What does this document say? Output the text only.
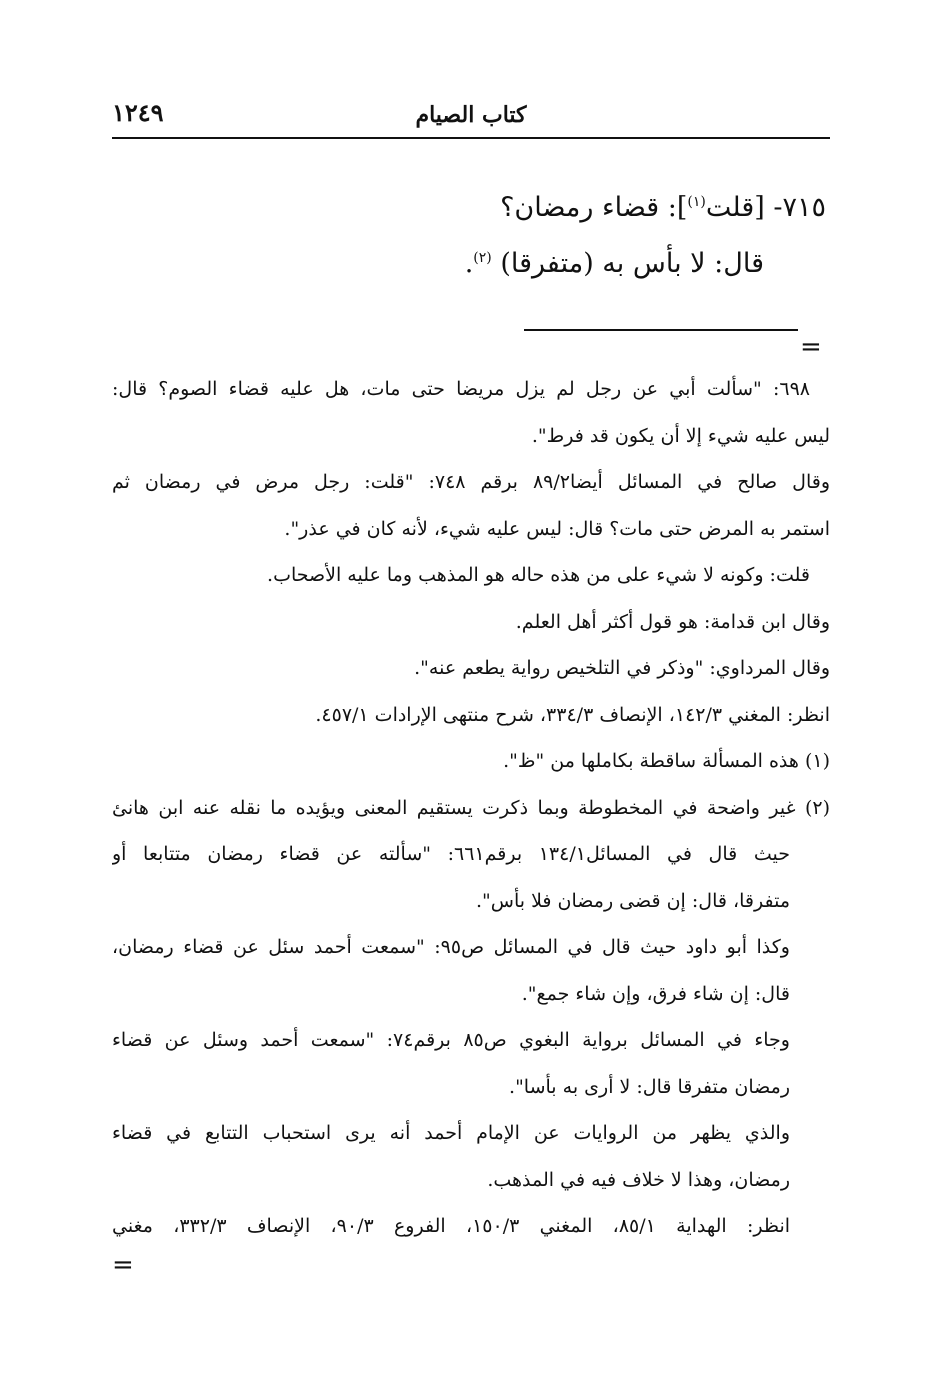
كتاب الصيام
١٢٤٩
٧١٥- [قلت$^{(١)}$]: قضاء رمضان؟
قال: لا بأس به (متفرقا) $^{(٢)}$.
=
٦٩٨: "سألت أبي عن رجل لم يزل مريضا حتى مات، هل عليه قضاء الصوم؟ قال:
ليس عليه شيء إلا أن يكون قد فرط".
وقال صالح في المسائل أيضا٨٩/٢ برقم ٧٤٨: "قلت: رجل مرض في رمضان ثم
استمر به المرض حتى مات؟ قال: ليس عليه شيء، لأنه كان في عذر".
قلت: وكونه لا شيء على من هذه حاله هو المذهب وما عليه الأصحاب.
وقال ابن قدامة: هو قول أكثر أهل العلم.
وقال المرداوي: "وذكر في التلخيص رواية يطعم عنه".
انظر: المغني ١٤٢/٣، الإنصاف ٣٣٤/٣، شرح منتهى الإرادات ٤٥٧/١.
(١) هذه المسألة ساقطة بكاملها من "ظ".
(٢) غير واضحة في المخطوطة وبما ذكرت يستقيم المعنى ويؤيده ما نقله عنه ابن هانئ
حيث قال في المسائل١٣٤/١ برقم٦٦١: "سألته عن قضاء رمضان متتابعا أو
متفرقا، قال: إن قضى رمضان فلا بأس".
وكذا أبو داود حيث قال في المسائل ص٩٥: "سمعت أحمد سئل عن قضاء رمضان،
قال: إن شاء فرق، وإن شاء جمع".
وجاء في المسائل برواية البغوي ص٨٥ برقم٧٤: "سمعت أحمد وسئل عن قضاء
رمضان متفرقا قال: لا أرى به بأسا".
والذي يظهر من الروايات عن الإمام أحمد أنه يرى استحباب التتابع في قضاء
رمضان، وهذا لا خلاف فيه في المذهب.
انظر: الهداية ٨٥/١، المغني ١٥٠/٣، الفروع ٩٠/٣، الإنصاف ٣٣٢/٣، مغني
=
